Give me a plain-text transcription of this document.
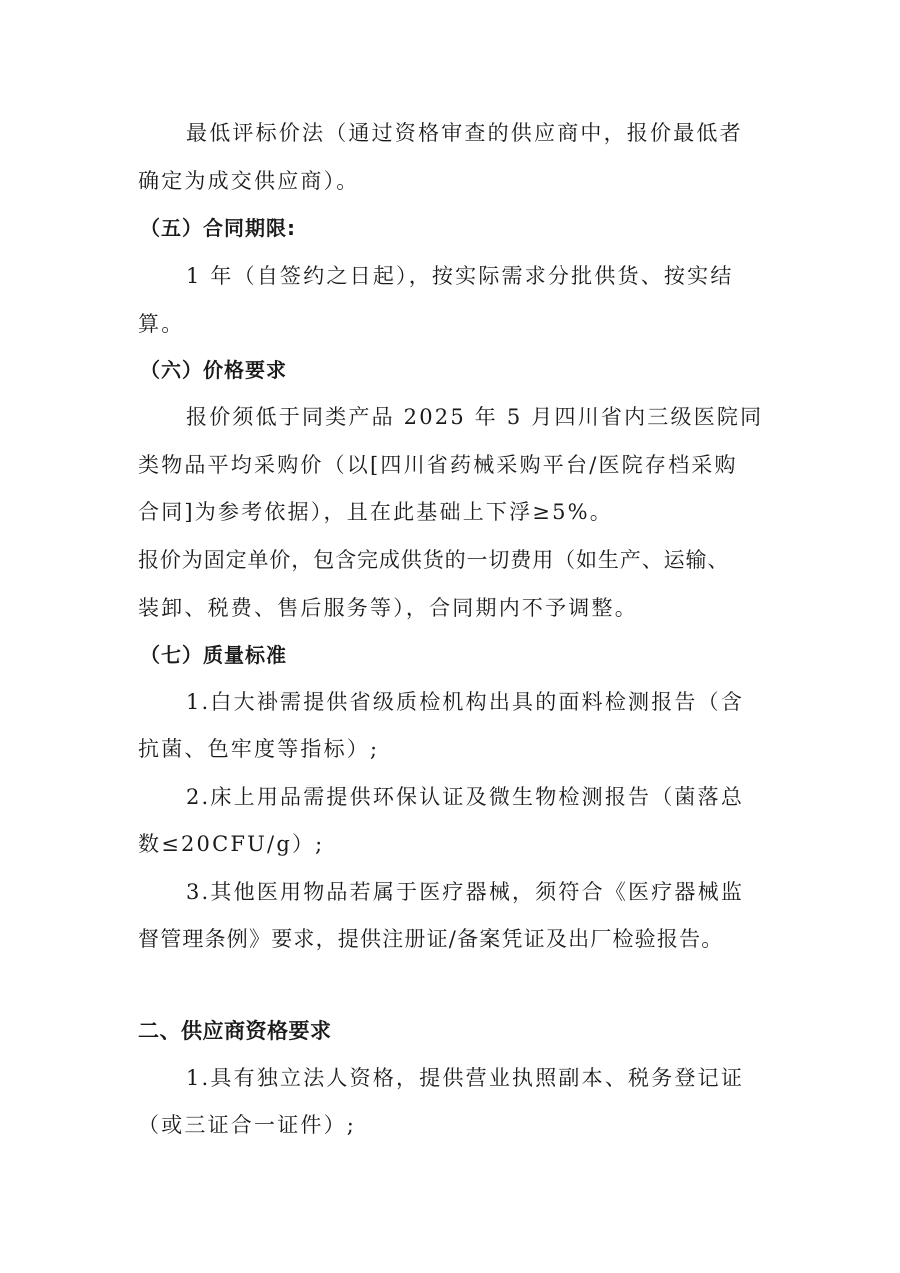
最低评标价法（通过资格审查的供应商中，报价最低者
确定为成交供应商）。
（五）合同期限:
1 年（自签约之日起），按实际需求分批供货、按实结
算。
（六）价格要求
报价须低于同类产品 2025 年 5 月四川省内三级医院同
类物品平均采购价（以[四川省药械采购平台/医院存档采购
合同]为参考依据），且在此基础上下浮≥5%。
报价为固定单价，包含完成供货的一切费用（如生产、运输、
装卸、税费、售后服务等），合同期内不予调整。
（七）质量标准
1.白大褂需提供省级质检机构出具的面料检测报告（含
抗菌、色牢度等指标）;
2.床上用品需提供环保认证及微生物检测报告（菌落总
数≤20CFU/g）;
3.其他医用物品若属于医疗器械，须符合《医疗器械监
督管理条例》要求，提供注册证/备案凭证及出厂检验报告。
二、供应商资格要求
1.具有独立法人资格，提供营业执照副本、税务登记证
（或三证合一证件）;
